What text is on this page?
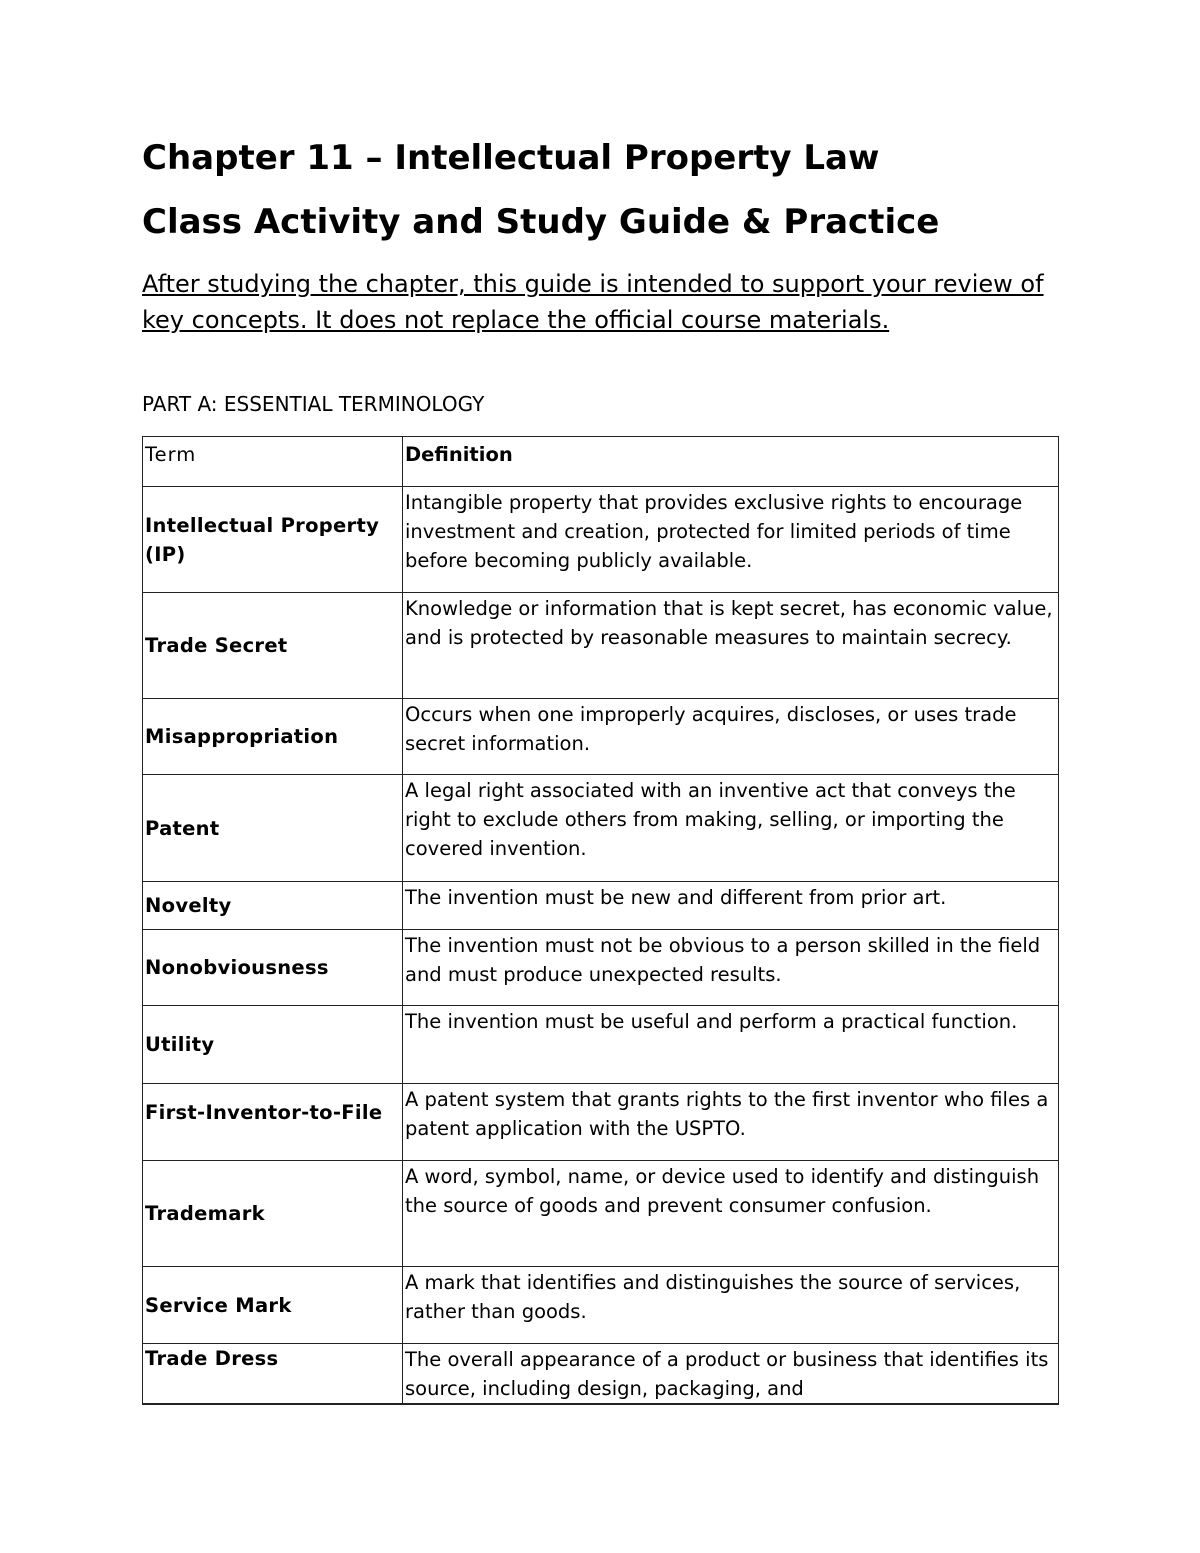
Chapter 11 – Intellectual Property Law
Class Activity and Study Guide & Practice

After studying the chapter, this guide is intended to support your review of key concepts. It does not replace the official course materials.

PART A: ESSENTIAL TERMINOLOGY

Term	Definition
Intellectual Property (IP)	Intangible property that provides exclusive rights to encourage investment and creation, protected for limited periods of time before becoming publicly available.
Trade Secret	Knowledge or information that is kept secret, has economic value, and is protected by reasonable measures to maintain secrecy.
Misappropriation	Occurs when one improperly acquires, discloses, or uses trade secret information.
Patent	A legal right associated with an inventive act that conveys the right to exclude others from making, selling, or importing the covered invention.
Novelty	The invention must be new and different from prior art.
Nonobviousness	The invention must not be obvious to a person skilled in the field and must produce unexpected results.
Utility	The invention must be useful and perform a practical function.
First-Inventor-to-File	A patent system that grants rights to the first inventor who files a patent application with the USPTO.
Trademark	A word, symbol, name, or device used to identify and distinguish the source of goods and prevent consumer confusion.
Service Mark	A mark that identifies and distinguishes the source of services, rather than goods.
Trade Dress	The overall appearance of a product or business that identifies its source, including design, packaging, and
